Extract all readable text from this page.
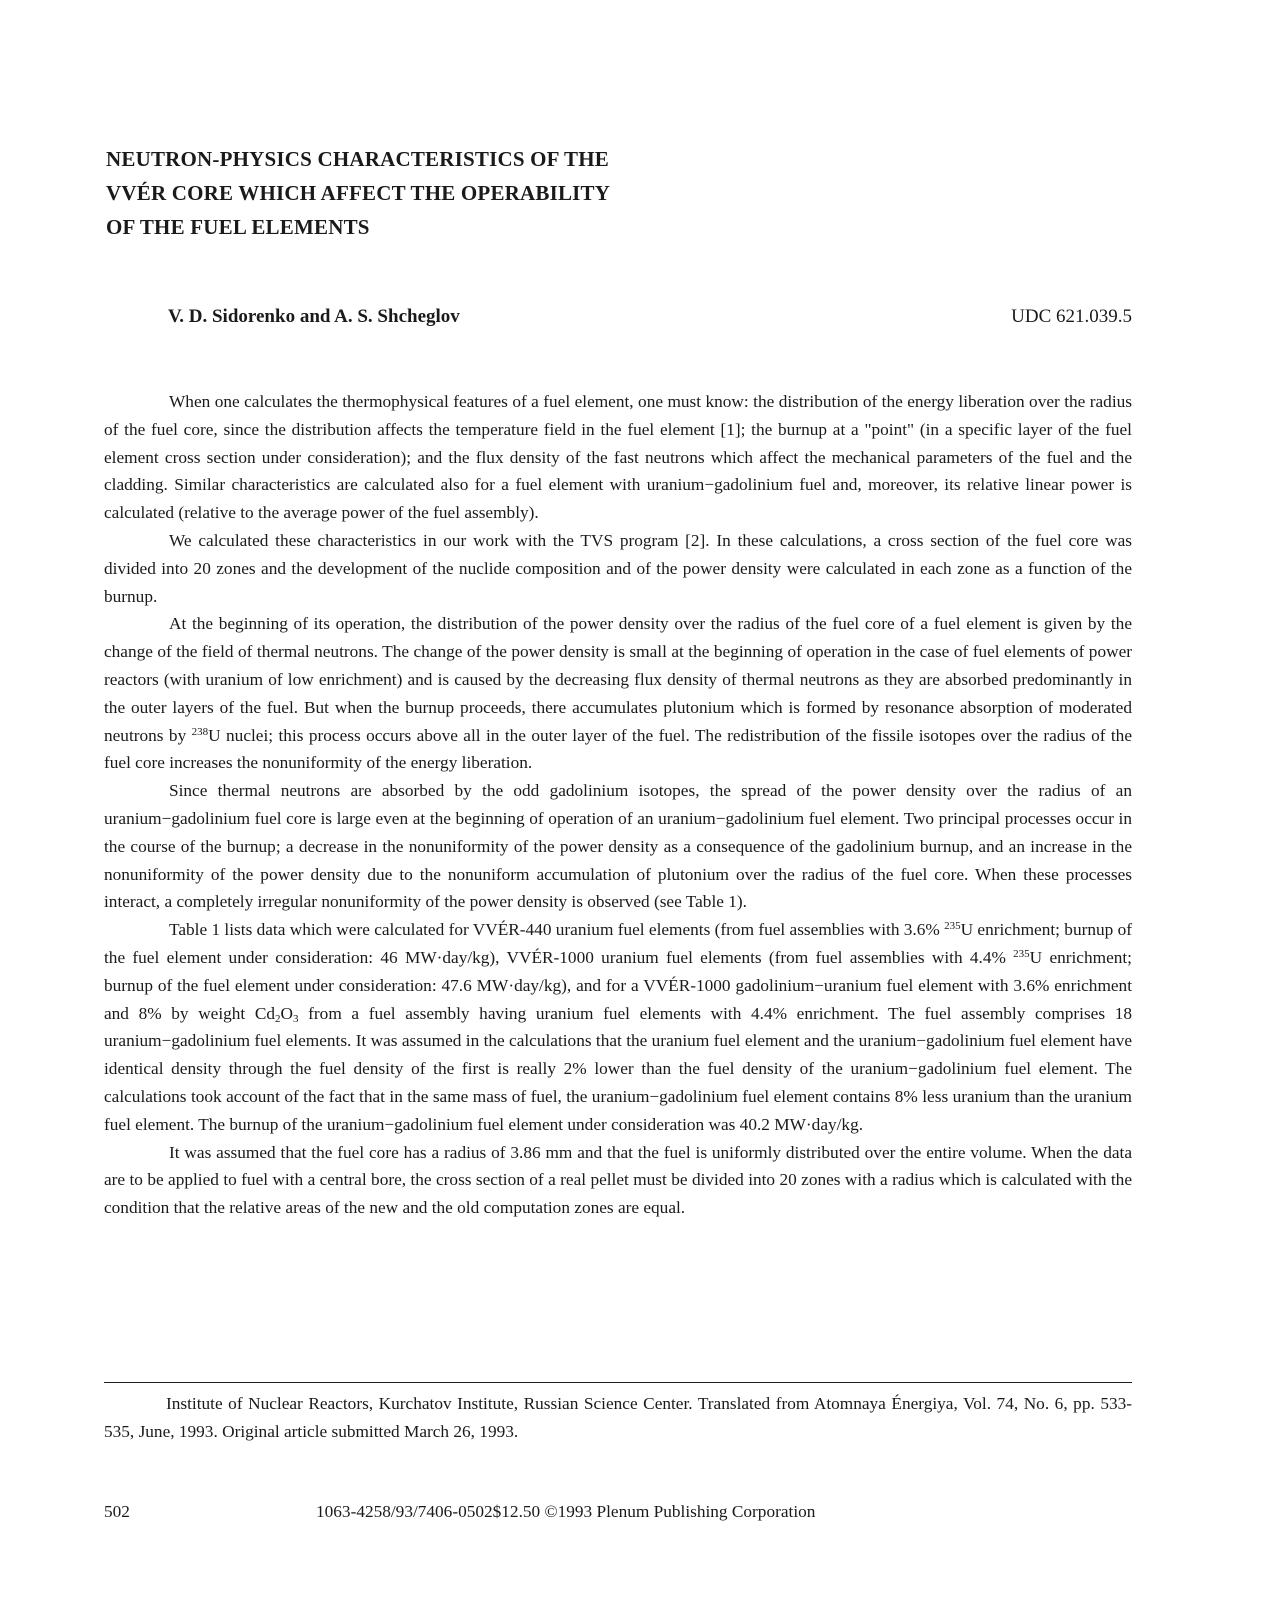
NEUTRON-PHYSICS CHARACTERISTICS OF THE
VVÉR CORE WHICH AFFECT THE OPERABILITY
OF THE FUEL ELEMENTS
V. D. Sidorenko and A. S. Shcheglov	UDC 621.039.5

When one calculates the thermophysical features of a fuel element, one must know: the distribution of the energy liberation over the radius of the fuel core, since the distribution affects the temperature field in the fuel element [1]; the burnup at a "point" (in a specific layer of the fuel element cross section under consideration); and the flux density of the fast neutrons which affect the mechanical parameters of the fuel and the cladding. Similar characteristics are calculated also for a fuel element with uranium−gadolinium fuel and, moreover, its relative linear power is calculated (relative to the average power of the fuel assembly).

We calculated these characteristics in our work with the TVS program [2]. In these calculations, a cross section of the fuel core was divided into 20 zones and the development of the nuclide composition and of the power density were calculated in each zone as a function of the burnup.

At the beginning of its operation, the distribution of the power density over the radius of the fuel core of a fuel element is given by the change of the field of thermal neutrons. The change of the power density is small at the beginning of operation in the case of fuel elements of power reactors (with uranium of low enrichment) and is caused by the decreasing flux density of thermal neutrons as they are absorbed predominantly in the outer layers of the fuel. But when the burnup proceeds, there accumulates plutonium which is formed by resonance absorption of moderated neutrons by $^{238}$U nuclei; this process occurs above all in the outer layer of the fuel. The redistribution of the fissile isotopes over the radius of the fuel core increases the nonuniformity of the energy liberation.

Since thermal neutrons are absorbed by the odd gadolinium isotopes, the spread of the power density over the radius of an uranium−gadolinium fuel core is large even at the beginning of operation of an uranium−gadolinium fuel element. Two principal processes occur in the course of the burnup; a decrease in the nonuniformity of the power density as a consequence of the gadolinium burnup, and an increase in the nonuniformity of the power density due to the nonuniform accumulation of plutonium over the radius of the fuel core. When these processes interact, a completely irregular nonuniformity of the power density is observed (see Table 1).

Table 1 lists data which were calculated for VVÉR-440 uranium fuel elements (from fuel assemblies with 3.6% $^{235}$U enrichment; burnup of the fuel element under consideration: 46 MW·day/kg), VVÉR-1000 uranium fuel elements (from fuel assemblies with 4.4% $^{235}$U enrichment; burnup of the fuel element under consideration: 47.6 MW·day/kg), and for a VVÉR-1000 gadolinium−uranium fuel element with 3.6% enrichment and 8% by weight $Cd_2O_3$ from a fuel assembly having uranium fuel elements with 4.4% enrichment. The fuel assembly comprises 18 uranium−gadolinium fuel elements. It was assumed in the calculations that the uranium fuel element and the uranium−gadolinium fuel element have identical density through the fuel density of the first is really 2% lower than the fuel density of the uranium−gadolinium fuel element. The calculations took account of the fact that in the same mass of fuel, the uranium−gadolinium fuel element contains 8% less uranium than the uranium fuel element. The burnup of the uranium−gadolinium fuel element under consideration was 40.2 MW·day/kg.

It was assumed that the fuel core has a radius of 3.86 mm and that the fuel is uniformly distributed over the entire volume. When the data are to be applied to fuel with a central bore, the cross section of a real pellet must be divided into 20 zones with a radius which is calculated with the condition that the relative areas of the new and the old computation zones are equal.

Institute of Nuclear Reactors, Kurchatov Institute, Russian Science Center. Translated from Atomnaya Énergiya, Vol. 74, No. 6, pp. 533-535, June, 1993. Original article submitted March 26, 1993.

502	1063-4258/93/7406-0502$12.50 ©1993 Plenum Publishing Corporation
